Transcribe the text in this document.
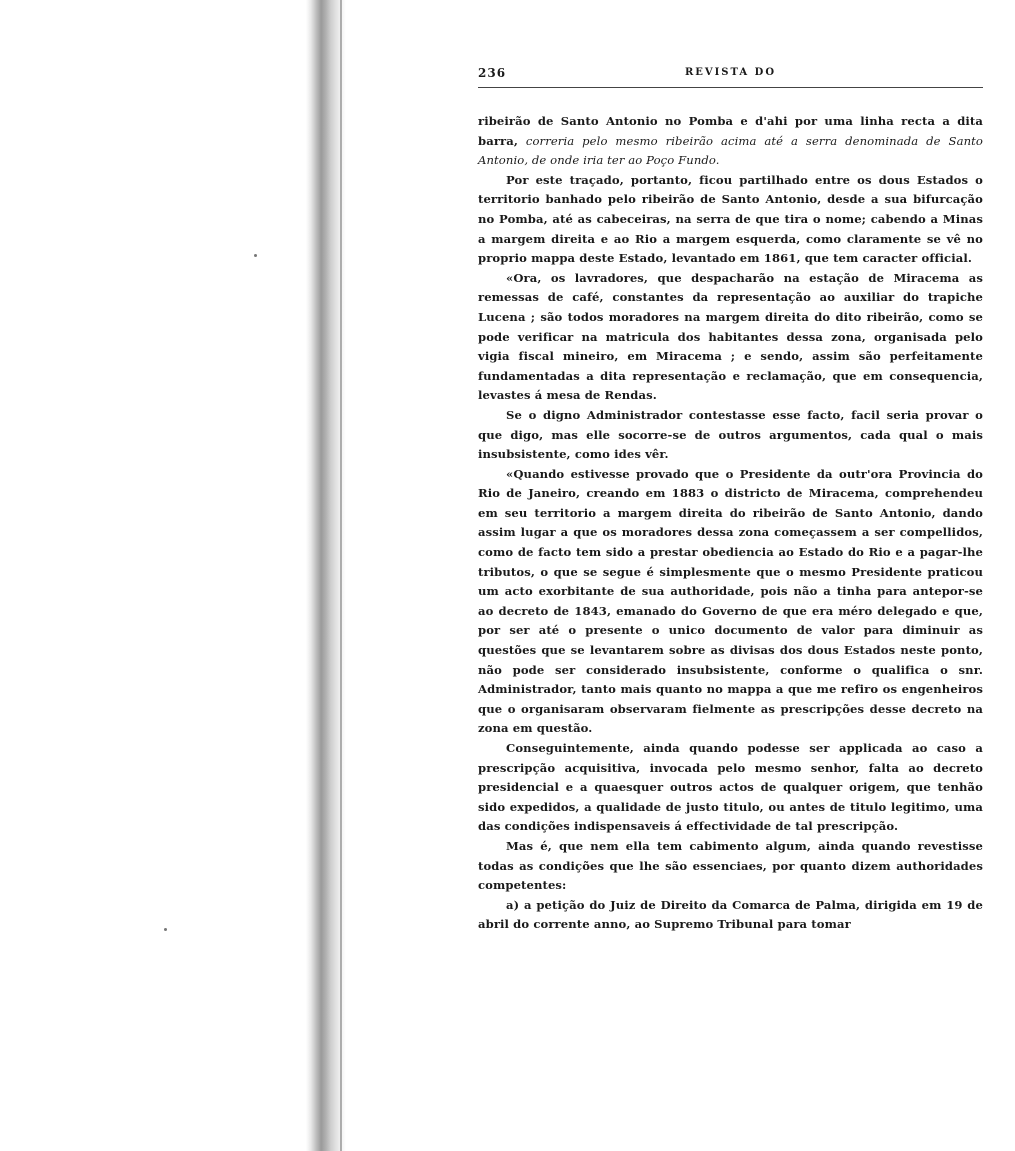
236	REVISTA DO

ribeirão de Santo Antonio no Pomba e d'ahi por uma linha recta a dita barra, correria pelo mesmo ribeirão acima até a serra denominada de Santo Antonio, de onde iria ter ao Poço Fundo.

Por este traçado, portanto, ficou partilhado entre os dous Estados o territorio banhado pelo ribeirão de Santo Antonio, desde a sua bifurcação no Pomba, até as cabeceiras, na serra de que tira o nome; cabendo a Minas a margem direita e ao Rio a margem esquerda, como claramente se vê no proprio mappa deste Estado, levantado em 1861, que tem caracter official.

«Ora, os lavradores, que despacharão na estação de Miracema as remessas de café, constantes da representação ao auxiliar do trapiche Lucena ; são todos moradores na margem direita do dito ribeirão, como se pode verificar na matricula dos habitantes dessa zona, organisada pelo vigia fiscal mineiro, em Miracema ; e sendo, assim são perfeitamente fundamentadas a dita representação e reclamação, que em consequencia, levastes á mesa de Rendas.

Se o digno Administrador contestasse esse facto, facil seria provar o que digo, mas elle socorre-se de outros argumentos, cada qual o mais insubsistente, como ides vêr.

«Quando estivesse provado que o Presidente da outr'ora Provincia do Rio de Janeiro, creando em 1883 o districto de Miracema, comprehendeu em seu territorio a margem direita do ribeirão de Santo Antonio, dando assim lugar a que os moradores dessa zona começassem a ser compellidos, como de facto tem sido a prestar obediencia ao Estado do Rio e a pagar-lhe tributos, o que se segue é simplesmente que o mesmo Presidente praticou um acto exorbitante de sua authoridade, pois não a tinha para antepor-se ao decreto de 1843, emanado do Governo de que era méro delegado e que, por ser até o presente o unico documento de valor para diminuir as questões que se levantarem sobre as divisas dos dous Estados neste ponto, não pode ser considerado insubsistente, conforme o qualifica o snr. Administrador, tanto mais quanto no mappa a que me refiro os engenheiros que o organisaram observaram fielmente as prescripções desse decreto na zona em questão.

Conseguintemente, ainda quando podesse ser applicada ao caso a prescripção acquisitiva, invocada pelo mesmo senhor, falta ao decreto presidencial e a quaesquer outros actos de qualquer origem, que tenhão sido expedidos, a qualidade de justo titulo, ou antes de titulo legitimo, uma das condições indispensaveis á effectividade de tal prescripção.

Mas é, que nem ella tem cabimento algum, ainda quando revestisse todas as condições que lhe são essenciaes, por quanto dizem authoridades competentes:

a) a petição do Juiz de Direito da Comarca de Palma, dirigida em 19 de abril do corrente anno, ao Supremo Tribunal para tomar
